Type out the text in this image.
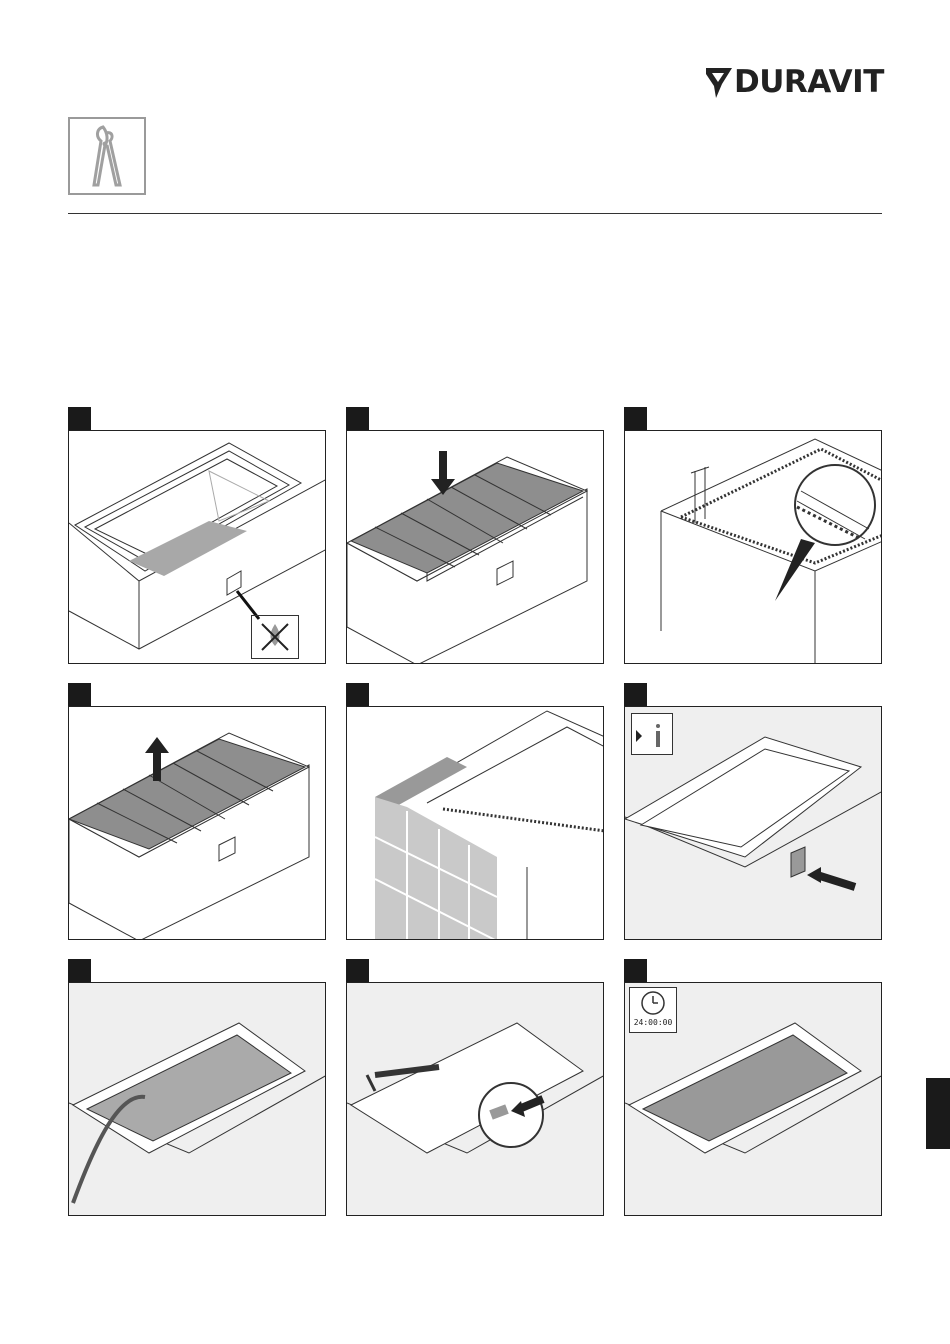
DURAVIT
24:00:00
